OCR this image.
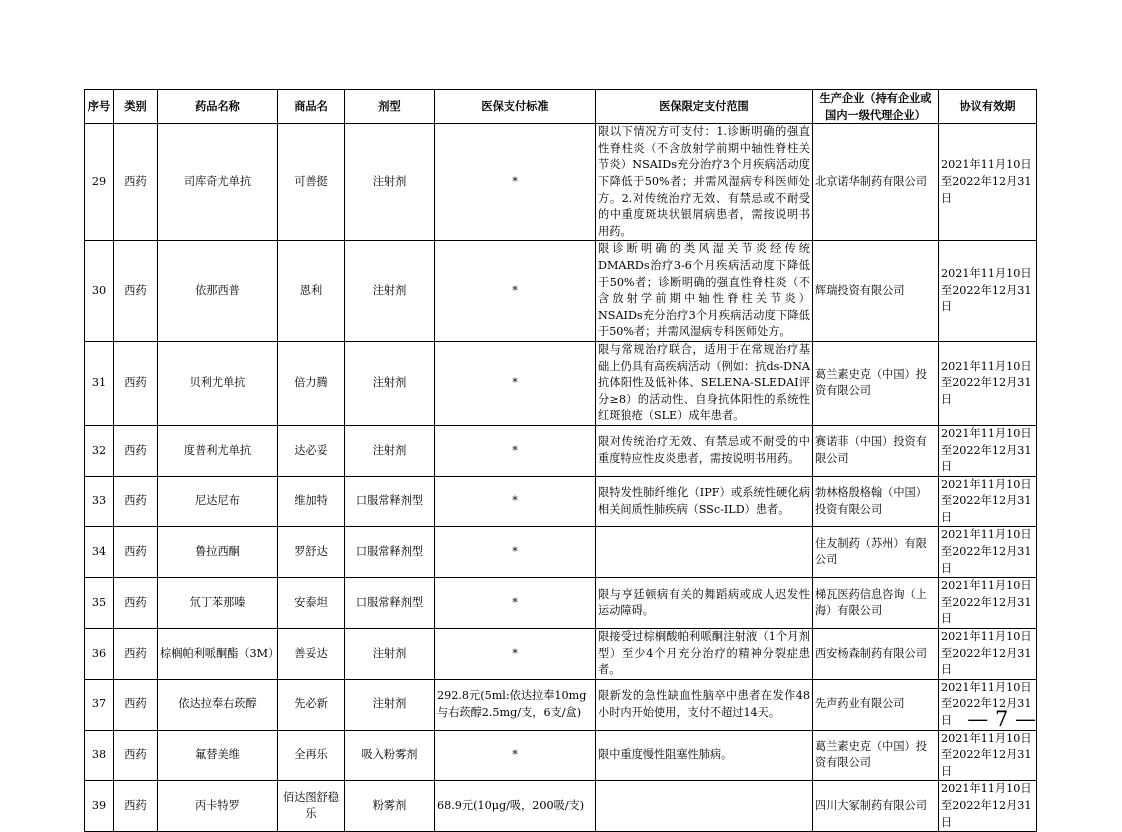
序号	类别	药品名称	商品名	剂型	医保支付标准	医保限定支付范围	生产企业（持有企业或国内一级代理企业）	协议有效期
29	西药	司库奇尤单抗	可善挺	注射剂	*	限以下情况方可支付：1.诊断明确的强直性脊柱炎（不含放射学前期中轴性脊柱关节炎）NSAIDs充分治疗3个月疾病活动度下降低于50%者；并需风湿病专科医师处方。2.对传统治疗无效、有禁忌或不耐受的中重度斑块状银屑病患者，需按说明书用药。	北京诺华制药有限公司	2021年11月10日至2022年12月31日
30	西药	依那西普	恩利	注射剂	*	限诊断明确的类风湿关节炎经传统DMARDs治疗3-6个月疾病活动度下降低于50%者；诊断明确的强直性脊柱炎（不含放射学前期中轴性脊柱关节炎）NSAIDs充分治疗3个月疾病活动度下降低于50%者；并需风湿病专科医师处方。	辉瑞投资有限公司	2021年11月10日至2022年12月31日
31	西药	贝利尤单抗	倍力腾	注射剂	*	限与常规治疗联合，适用于在常规治疗基础上仍具有高疾病活动（例如：抗ds-DNA抗体阳性及低补体、SELENA-SLEDAI评分≥8）的活动性、自身抗体阳性的系统性红斑狼疮（SLE）成年患者。	葛兰素史克（中国）投资有限公司	2021年11月10日至2022年12月31日
32	西药	度普利尤单抗	达必妥	注射剂	*	限对传统治疗无效、有禁忌或不耐受的中重度特应性皮炎患者，需按说明书用药。	赛诺菲（中国）投资有限公司	2021年11月10日至2022年12月31日
33	西药	尼达尼布	维加特	口服常释剂型	*	限特发性肺纤维化（IPF）或系统性硬化病相关间质性肺疾病（SSc-ILD）患者。	勃林格殷格翰（中国）投资有限公司	2021年11月10日至2022年12月31日
34	西药	鲁拉西酮	罗舒达	口服常释剂型	*		住友制药（苏州）有限公司	2021年11月10日至2022年12月31日
35	西药	氘丁苯那嗪	安泰坦	口服常释剂型	*	限与亨廷顿病有关的舞蹈病或成人迟发性运动障碍。	梯瓦医药信息咨询（上海）有限公司	2021年11月10日至2022年12月31日
36	西药	棕榈帕利哌酮酯（3M）	善妥达	注射剂	*	限接受过棕榈酸帕利哌酮注射液（1个月剂型）至少4个月充分治疗的精神分裂症患者。	西安杨森制药有限公司	2021年11月10日至2022年12月31日
37	西药	依达拉奉右莰醇	先必新	注射剂	292.8元(5ml:依达拉奉10mg与右莰醇2.5mg/支，6支/盒)	限新发的急性缺血性脑卒中患者在发作48小时内开始使用，支付不超过14天。	先声药业有限公司	2021年11月10日至2022年12月31日
38	西药	氟替美维	全再乐	吸入粉雾剂	*	限中重度慢性阻塞性肺病。	葛兰素史克（中国）投资有限公司	2021年11月10日至2022年12月31日
39	西药	丙卡特罗	佰达图舒稳乐	粉雾剂	68.9元(10μg/吸，200吸/支)		四川大冢制药有限公司	2021年11月10日至2022年12月31日
— 7 —
